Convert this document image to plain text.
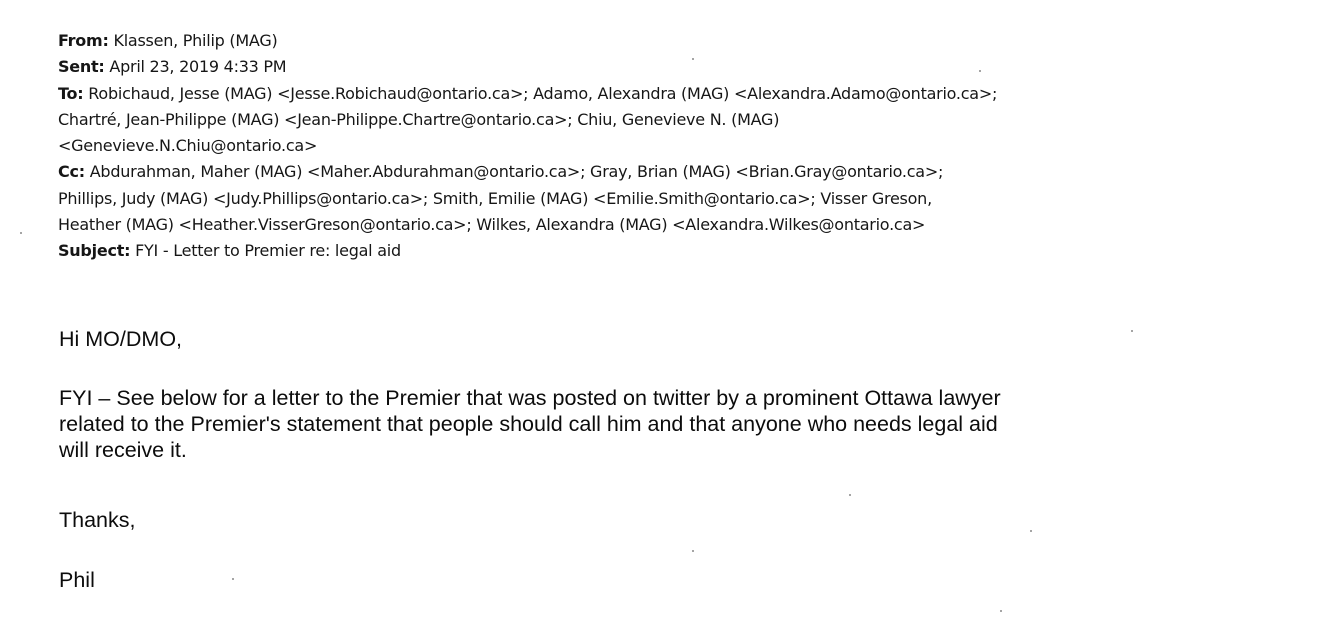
From: Klassen, Philip (MAG)
Sent: April 23, 2019 4:33 PM
To: Robichaud, Jesse (MAG) <Jesse.Robichaud@ontario.ca>; Adamo, Alexandra (MAG) <Alexandra.Adamo@ontario.ca>;
Chartré, Jean-Philippe (MAG) <Jean-Philippe.Chartre@ontario.ca>; Chiu, Genevieve N. (MAG)
<Genevieve.N.Chiu@ontario.ca>
Cc: Abdurahman, Maher (MAG) <Maher.Abdurahman@ontario.ca>; Gray, Brian (MAG) <Brian.Gray@ontario.ca>;
Phillips, Judy (MAG) <Judy.Phillips@ontario.ca>; Smith, Emilie (MAG) <Emilie.Smith@ontario.ca>; Visser Greson,
Heather (MAG) <Heather.VisserGreson@ontario.ca>; Wilkes, Alexandra (MAG) <Alexandra.Wilkes@ontario.ca>
Subject: FYI - Letter to Premier re: legal aid

Hi MO/DMO,

FYI – See below for a letter to the Premier that was posted on twitter by a prominent Ottawa lawyer
related to the Premier's statement that people should call him and that anyone who needs legal aid
will receive it.

Thanks,

Phil
